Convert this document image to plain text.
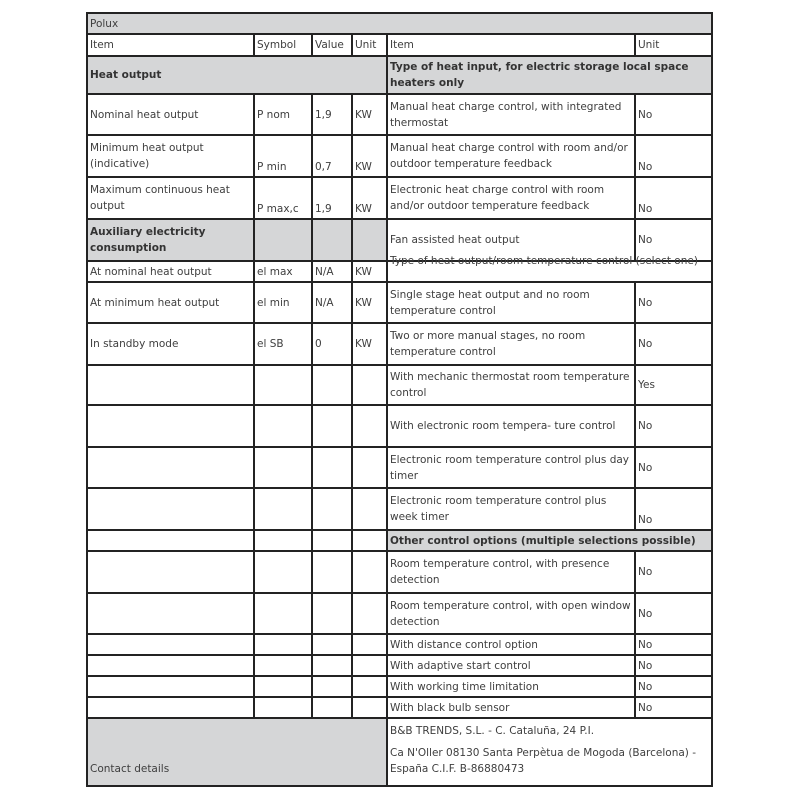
Polux					
Item	Symbol	Value	Unit	Item	Unit
Heat output				Type of heat input, for electric storage local space heaters only	
Nominal heat output	P nom	1,9	KW	Manual heat charge control, with integrated thermostat	No
Minimum heat output (indicative)	P min	0,7	KW	Manual heat charge control with room and/or outdoor temperature feedback	No
Maximum continuous heat output	P max,c	1,9	KW	Electronic heat charge control with room and/or outdoor temperature feedback	No
Auxiliary electricity consumption				Fan assisted heat output	No
At nominal heat output	el max	N/A	KW	Type of heat output/room temperature control (select one)	

At minimum heat output	el min	N/A	KW	Single stage heat output and no room temperature control	No
In standby mode	el SB	0	KW	Two or more manual stages, no room temperature control	No
				With mechanic thermostat room temperature control	Yes
				With electronic room tempera- ture control	No
				Electronic room temperature control plus day timer	No
				Electronic room temperature control plus week timer	No
				Other control options (multiple selections possible)	
				Room temperature control, with presence detection	No
				Room temperature control, with open window detection	No
				With distance control option	No
				With adaptive start control	No
				With working time limitation	No
				With black bulb sensor	No
Contact details				B&B TRENDS, S.L. - C. Cataluña, 24 P.I.

Ca N'Oller 08130 Santa Perpètua de Mogoda (Barcelona) - España C.I.F. B-86880473	
